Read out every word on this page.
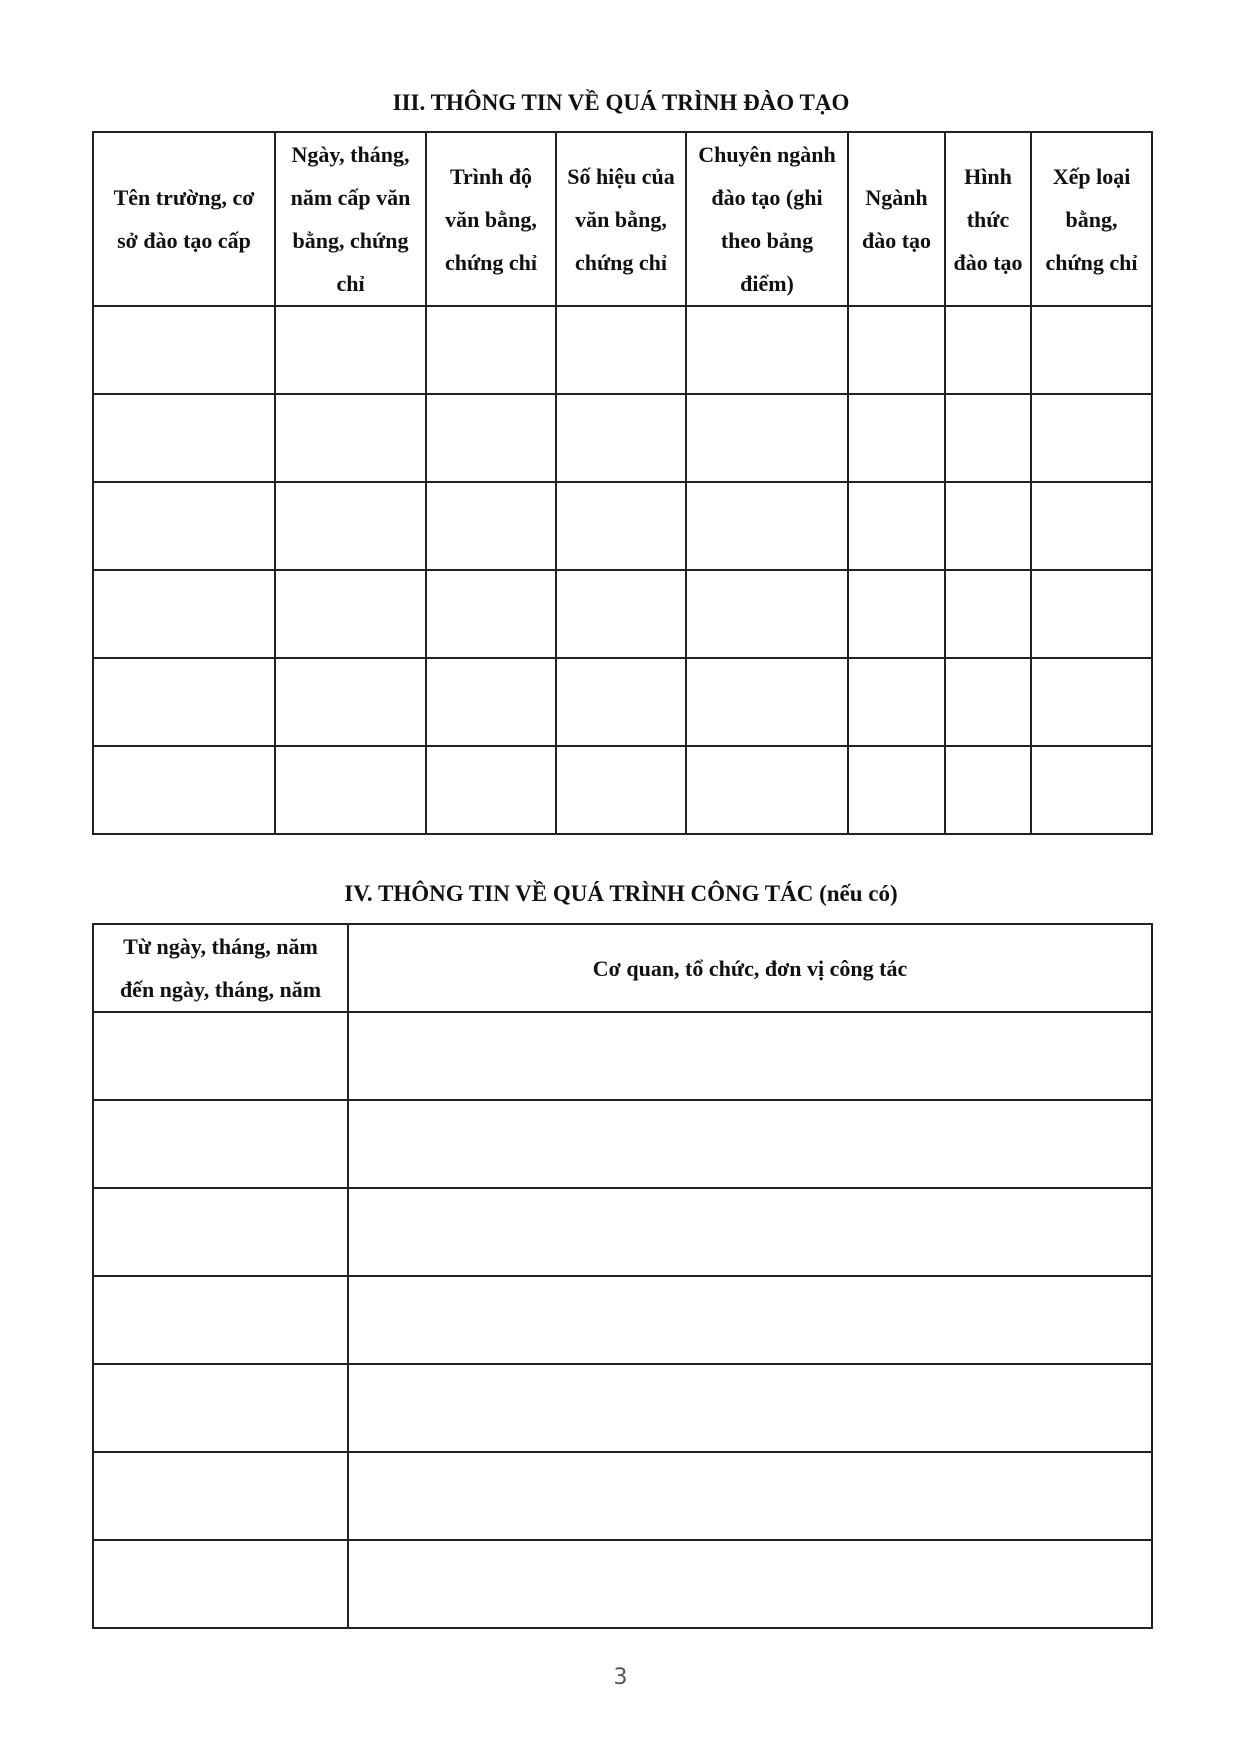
III. THÔNG TIN VỀ QUÁ TRÌNH ĐÀO TẠO
Tên trường, cơ
sở đào tạo cấp	Ngày, tháng,
năm cấp văn
bằng, chứng
chỉ	Trình độ
văn bằng,
chứng chỉ	Số hiệu của
văn bằng,
chứng chỉ	Chuyên ngành
đào tạo (ghi
theo bảng
điểm)	Ngành
đào tạo	Hình
thức
đào tạo	Xếp loại
bằng,
chứng chỉ

IV. THÔNG TIN VỀ QUÁ TRÌNH CÔNG TÁC (nếu có)
Từ ngày, tháng, năm
đến ngày, tháng, năm	Cơ quan, tổ chức, đơn vị công tác

3
